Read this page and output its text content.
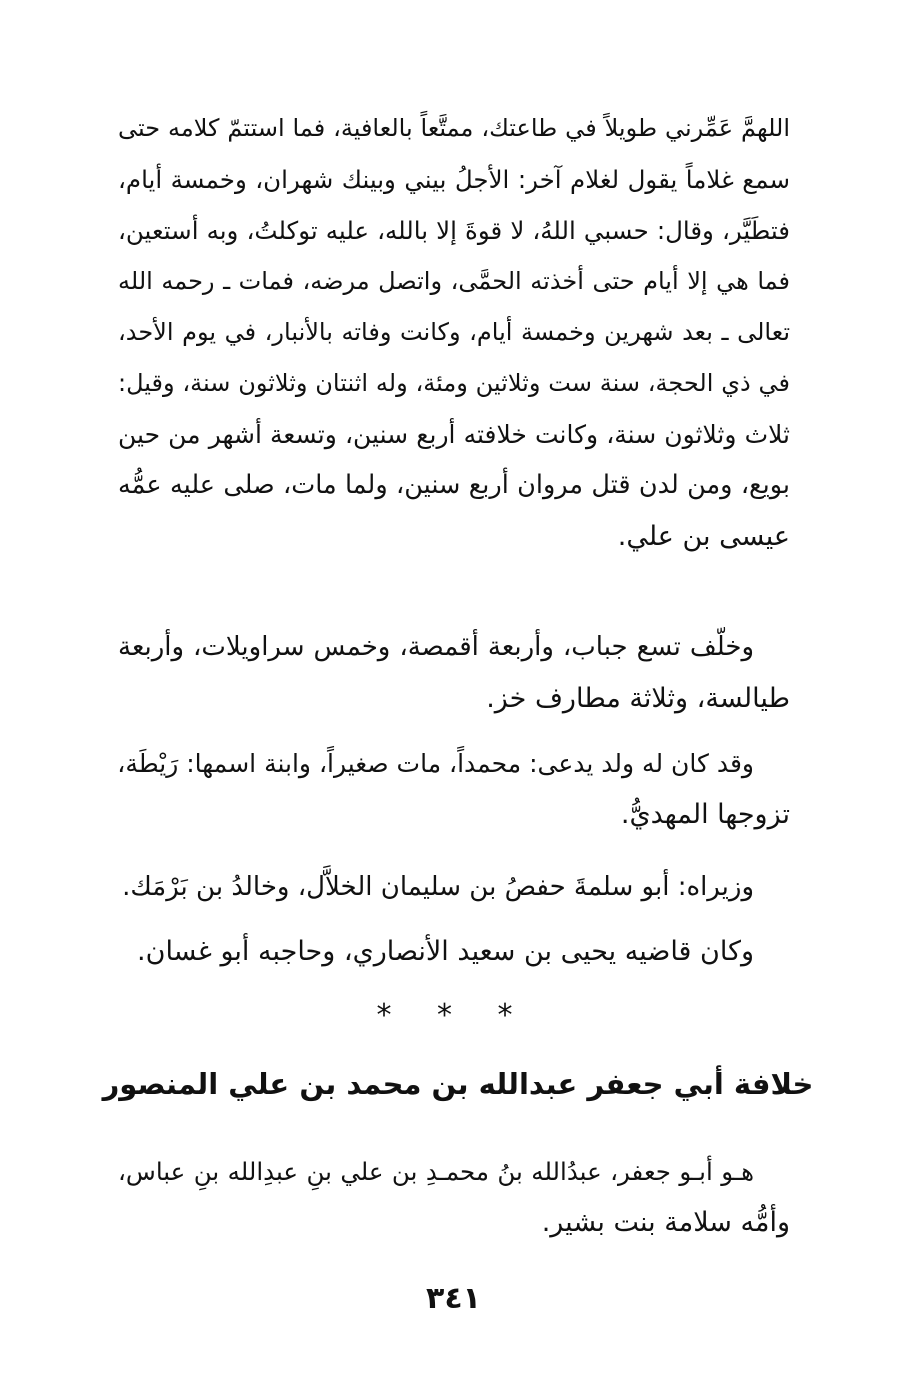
اللهمَّ عَمِّرني طويلاً في طاعتك، ممتَّعاً بالعافية، فما استتمّ كلامه حتى
سمع غلاماً يقول لغلام آخر: الأجلُ بيني وبينك شهران، وخمسة أيام،
فتطَيَّر، وقال: حسبي اللهُ، لا قوةَ إلا بالله، عليه توكلتُ، وبه أستعين،
فما هي إلا أيام حتى أخذته الحمَّى، واتصل مرضه، فمات ـ رحمه الله
تعالى ـ بعد شهرين وخمسة أيام، وكانت وفاته بالأنبار، في يوم الأحد،
في ذي الحجة، سنة ست وثلاثين ومئة، وله اثنتان وثلاثون سنة، وقيل:
ثلاث وثلاثون سنة، وكانت خلافته أربع سنين، وتسعة أشهر من حين
بويع، ومن لدن قتل مروان أربع سنين، ولما مات، صلى عليه عمُّه
عيسى بن علي.
وخلّف تسع جباب، وأربعة أقمصة، وخمس سراويلات، وأربعة
طيالسة، وثلاثة مطارف خز.
وقد كان له ولد يدعى: محمداً، مات صغيراً، وابنة اسمها: رَيْطَة،
تزوجها المهديُّ.
وزيراه: أبو سلمةَ حفصُ بن سليمان الخلاَّل، وخالدُ بن بَرْمَك.
وكان قاضيه يحيى بن سعيد الأنصاري، وحاجبه أبو غسان.
* * *
خلافة أبي جعفر عبدالله بن محمد بن علي المنصور
هـو أبـو جعفر، عبدُالله بنُ محمـدِ بن علي بنِ عبدِالله بنِ عباس،
وأمُّه سلامة بنت بشير.
٣٤١
